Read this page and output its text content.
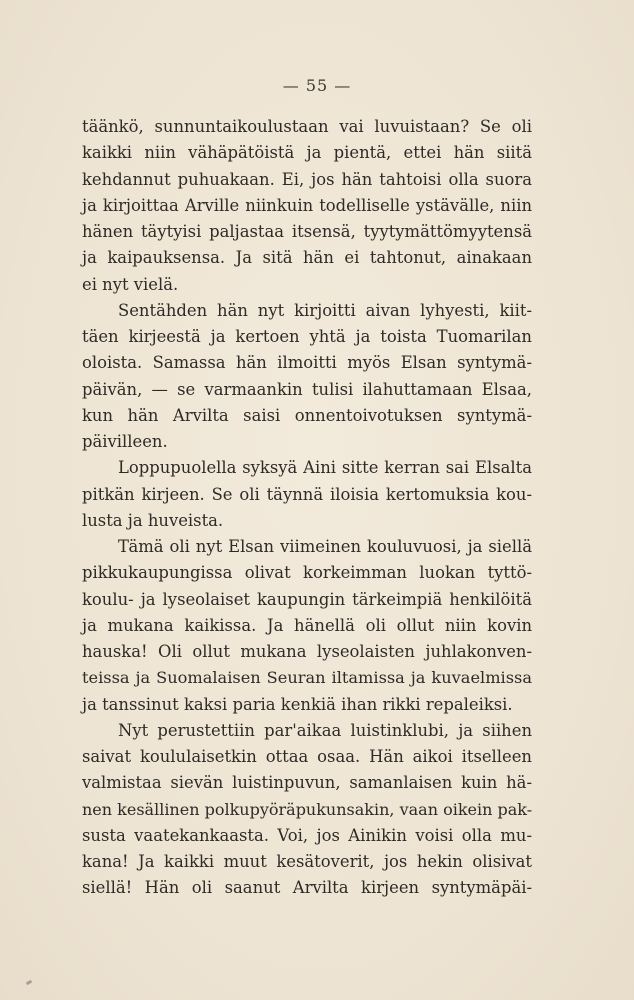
— 55 —
täänkö, sunnuntaikoulustaan vai luvuistaan? Se oli
kaikki niin vähäpätöistä ja pientä, ettei hän siitä
kehdannut puhuakaan. Ei, jos hän tahtoisi olla suora
ja kirjoittaa Arville niinkuin todelliselle ystävälle, niin
hänen täytyisi paljastaa itsensä, tyytymättömyytensä
ja kaipauksensa. Ja sitä hän ei tahtonut, ainakaan
ei nyt vielä.
Sentähden hän nyt kirjoitti aivan lyhyesti, kiit-
täen kirjeestä ja kertoen yhtä ja toista Tuomarilan
oloista. Samassa hän ilmoitti myös Elsan syntymä-
päivän, — se varmaankin tulisi ilahuttamaan Elsaa,
kun hän Arvilta saisi onnentoivotuksen syntymä-
päivilleen.
Loppupuolella syksyä Aini sitte kerran sai Elsalta
pitkän kirjeen. Se oli täynnä iloisia kertomuksia kou-
lusta ja huveista.
Tämä oli nyt Elsan viimeinen kouluvuosi, ja siellä
pikkukaupungissa olivat korkeimman luokan tyttö-
koulu- ja lyseolaiset kaupungin tärkeimpiä henkilöitä
ja mukana kaikissa. Ja hänellä oli ollut niin kovin
hauska! Oli ollut mukana lyseolaisten juhlakonven-
teissa ja Suomalaisen Seuran iltamissa ja kuvaelmissa
ja tanssinut kaksi paria kenkiä ihan rikki repaleiksi.
Nyt perustettiin par'aikaa luistinklubi, ja siihen
saivat koululaisetkin ottaa osaa. Hän aikoi itselleen
valmistaa sievän luistinpuvun, samanlaisen kuin hä-
nen kesällinen polkupyöräpukunsakin, vaan oikein pak-
susta vaatekankaasta. Voi, jos Ainikin voisi olla mu-
kana! Ja kaikki muut kesätoverit, jos hekin olisivat
siellä! Hän oli saanut Arvilta kirjeen syntymäpäi-
